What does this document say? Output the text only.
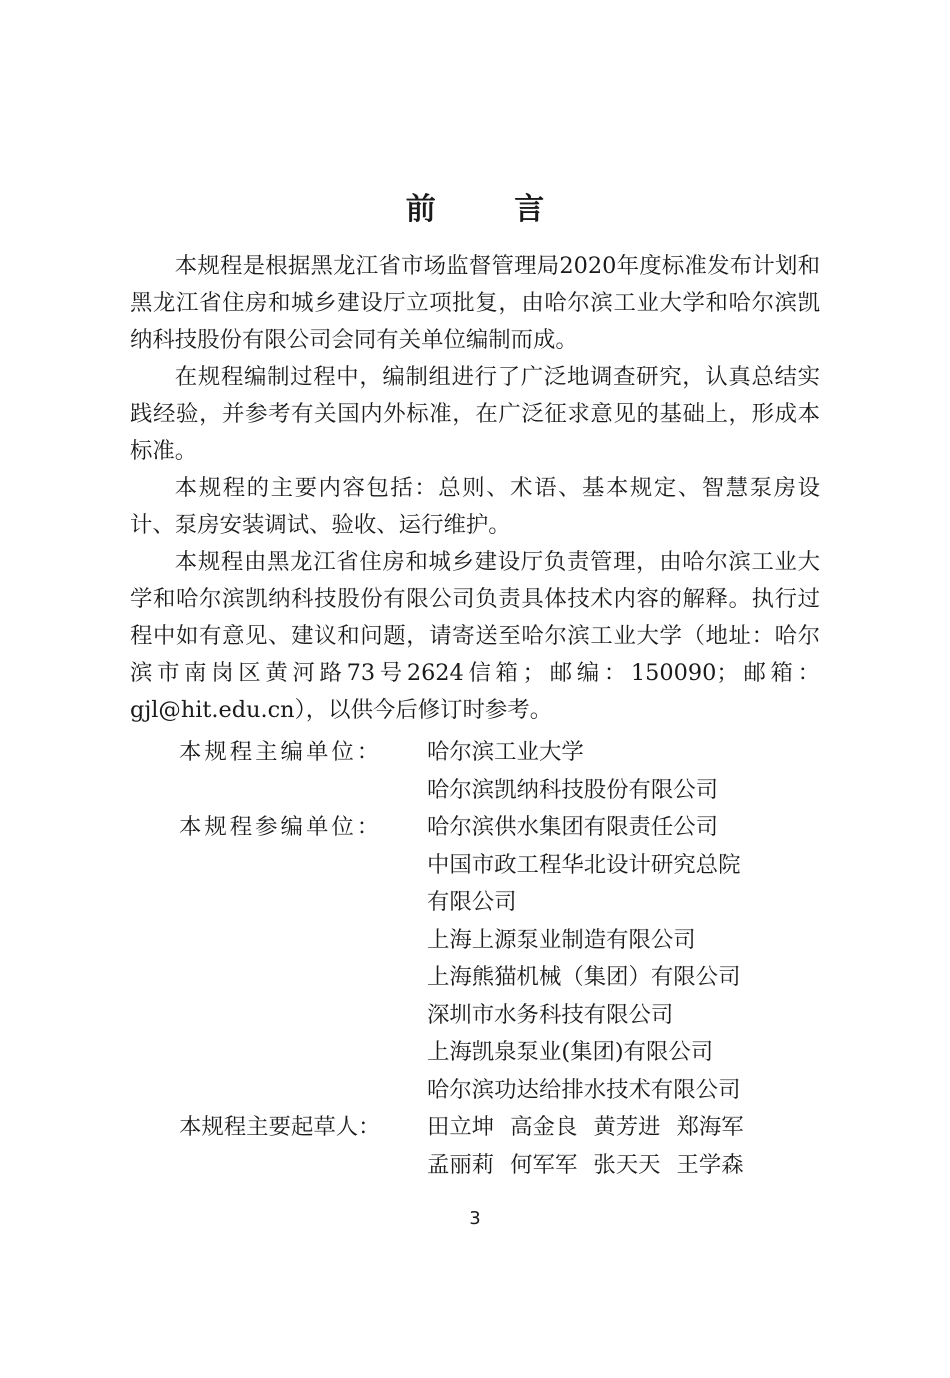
前 言

本规程是根据黑龙江省市场监督管理局2020年度标准发布计划和黑龙江省住房和城乡建设厅立项批复，由哈尔滨工业大学和哈尔滨凯纳科技股份有限公司会同有关单位编制而成。

在规程编制过程中，编制组进行了广泛地调查研究，认真总结实践经验，并参考有关国内外标准，在广泛征求意见的基础上，形成本标准。

本规程的主要内容包括：总则、术语、基本规定、智慧泵房设计、泵房安装调试、验收、运行维护。

本规程由黑龙江省住房和城乡建设厅负责管理，由哈尔滨工业大学和哈尔滨凯纳科技股份有限公司负责具体技术内容的解释。执行过程中如有意见、建议和问题，请寄送至哈尔滨工业大学（地址：哈尔滨市南岗区黄河路73号2624信箱；邮编：150090；邮箱：gjl@hit.edu.cn），以供今后修订时参考。

本规程主编单位：	哈尔滨工业大学
哈尔滨凯纳科技股份有限公司
本规程参编单位：	哈尔滨供水集团有限责任公司
中国市政工程华北设计研究总院
有限公司
上海上源泵业制造有限公司
上海熊猫机械（集团）有限公司
深圳市水务科技有限公司
上海凯泉泵业(集团)有限公司
哈尔滨功达给排水技术有限公司
本规程主要起草人：	田立坤 高金良 黄芳进 郑海军
孟丽莉 何军军 张天天 王学森
3
